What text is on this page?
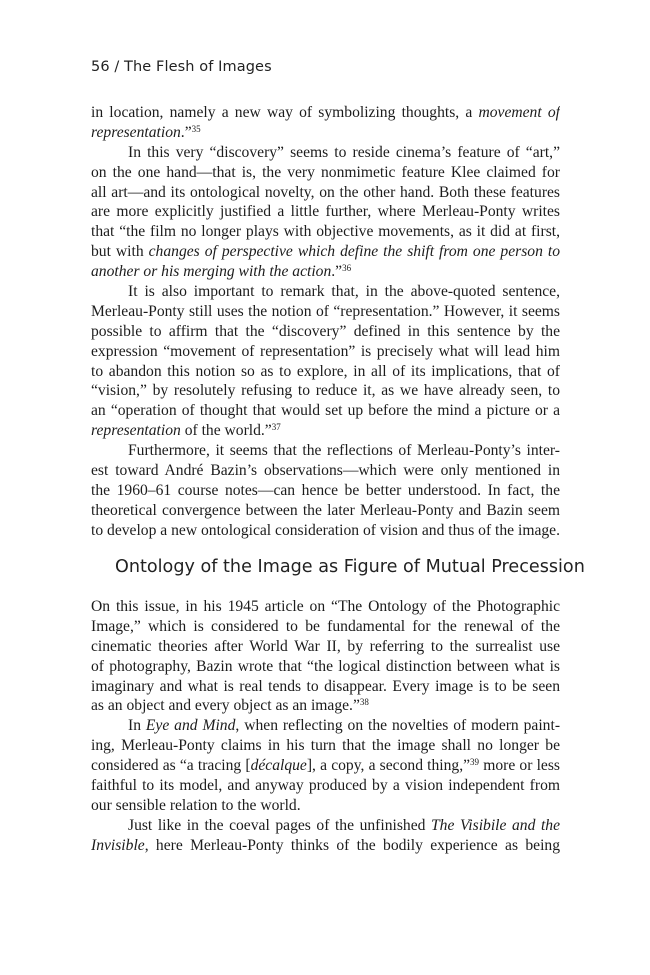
56 / The Flesh of Images
in location, namely a new way of symbolizing thoughts, a movement of
representation.”$^{35}$
In this very “discovery” seems to reside cinema’s feature of “art,”
on the one hand—that is, the very nonmimetic feature Klee claimed for
all art—and its ontological novelty, on the other hand. Both these features
are more explicitly justified a little further, where Merleau-Ponty writes
that “the film no longer plays with objective movements, as it did at first,
but with changes of perspective which define the shift from one person to
another or his merging with the action.”$^{36}$
It is also important to remark that, in the above-quoted sentence,
Merleau-Ponty still uses the notion of “representation.” However, it seems
possible to affirm that the “discovery” defined in this sentence by the
expression “movement of representation” is precisely what will lead him
to abandon this notion so as to explore, in all of its implications, that of
“vision,” by resolutely refusing to reduce it, as we have already seen, to
an “operation of thought that would set up before the mind a picture or a
representation of the world.”$^{37}$
Furthermore, it seems that the reflections of Merleau-Ponty’s inter-
est toward André Bazin’s observations—which were only mentioned in
the 1960–61 course notes—can hence be better understood. In fact, the
theoretical convergence between the later Merleau-Ponty and Bazin seem
to develop a new ontological consideration of vision and thus of the image.
Ontology of the Image as Figure of Mutual Precession
On this issue, in his 1945 article on “The Ontology of the Photographic
Image,” which is considered to be fundamental for the renewal of the
cinematic theories after World War II, by referring to the surrealist use
of photography, Bazin wrote that “the logical distinction between what is
imaginary and what is real tends to disappear. Every image is to be seen
as an object and every object as an image.”$^{38}$
In Eye and Mind, when reflecting on the novelties of modern paint-
ing, Merleau-Ponty claims in his turn that the image shall no longer be
considered as “a tracing [décalque], a copy, a second thing,”$^{39}$ more or less
faithful to its model, and anyway produced by a vision independent from
our sensible relation to the world.
Just like in the coeval pages of the unfinished The Visibile and the
Invisible, here Merleau-Ponty thinks of the bodily experience as being
